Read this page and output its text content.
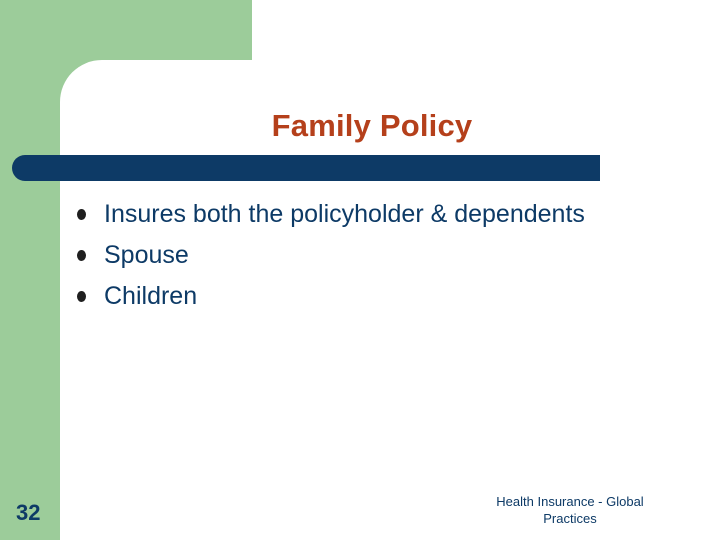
Family Policy
Insures both the policyholder & dependents
Spouse
Children
32	Health Insurance - Global
Practices
